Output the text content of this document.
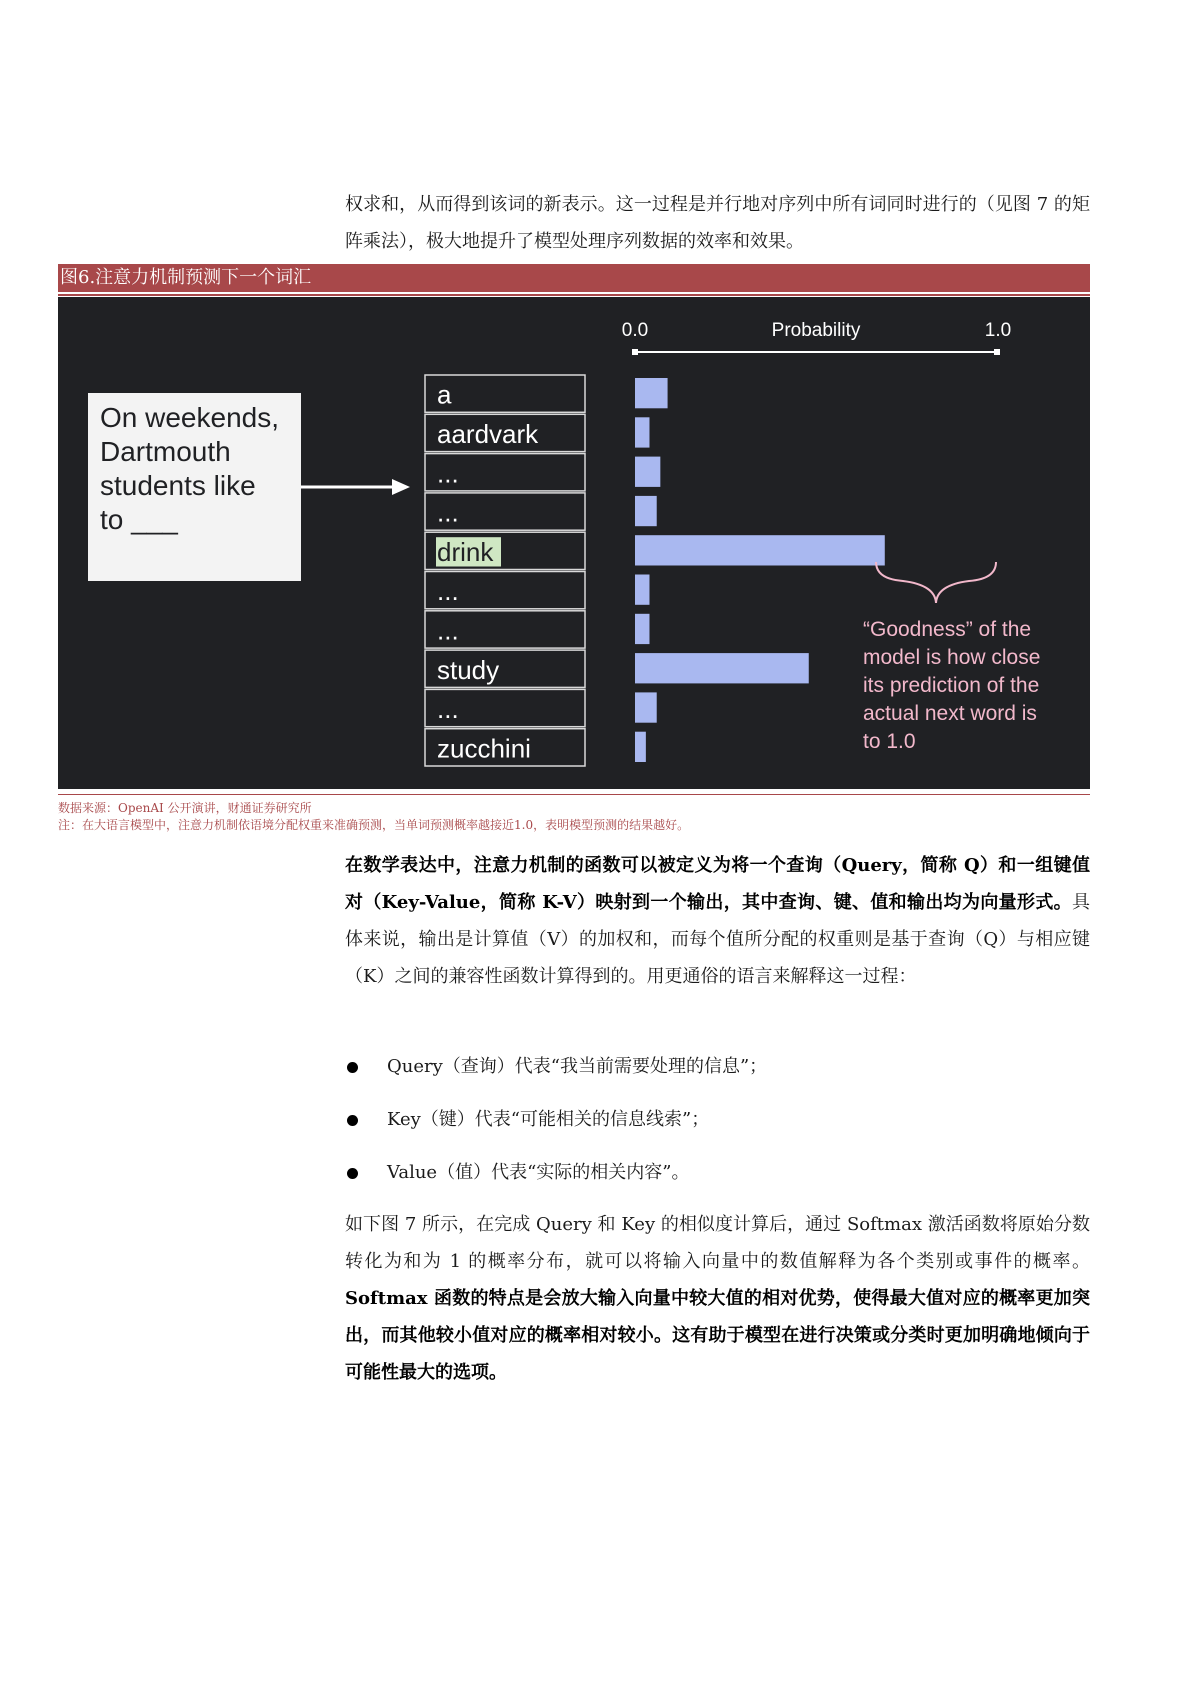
权求和，从而得到该词的新表示。这一过程是并行地对序列中所有词同时进行的（见图 7 的矩阵乘法），极大地提升了模型处理序列数据的效率和效果。

图6.注意力机制预测下一个词汇
On weekends,
Dartmouth
students like
to ___
0.0	Probability	1.0
a
aardvark
...
...
drink
...
...
study
...
zucchini
“Goodness” of the
model is how close
its prediction of the
actual next word is
to 1.0
数据来源：OpenAI 公开演讲，财通证券研究所
注：在大语言模型中，注意力机制依语境分配权重来准确预测，当单词预测概率越接近1.0，表明模型预测的结果越好。

在数学表达中，注意力机制的函数可以被定义为将一个查询（Query，简称 Q）和一组键值对（Key-Value，简称 K-V）映射到一个输出，其中查询、键、值和输出均为向量形式。具体来说，输出是计算值（V）的加权和，而每个值所分配的权重则是基于查询（Q）与相应键（K）之间的兼容性函数计算得到的。用更通俗的语言来解释这一过程：

Query（查询）代表“我当前需要处理的信息”；
Key（键）代表“可能相关的信息线索”；
Value（值）代表“实际的相关内容”。

如下图 7 所示，在完成 Query 和 Key 的相似度计算后，通过 Softmax 激活函数将原始分数转化为和为 1 的概率分布，就可以将输入向量中的数值解释为各个类别或事件的概率。Softmax 函数的特点是会放大输入向量中较大值的相对优势，使得最大值对应的概率更加突出，而其他较小值对应的概率相对较小。这有助于模型在进行决策或分类时更加明确地倾向于可能性最大的选项。
